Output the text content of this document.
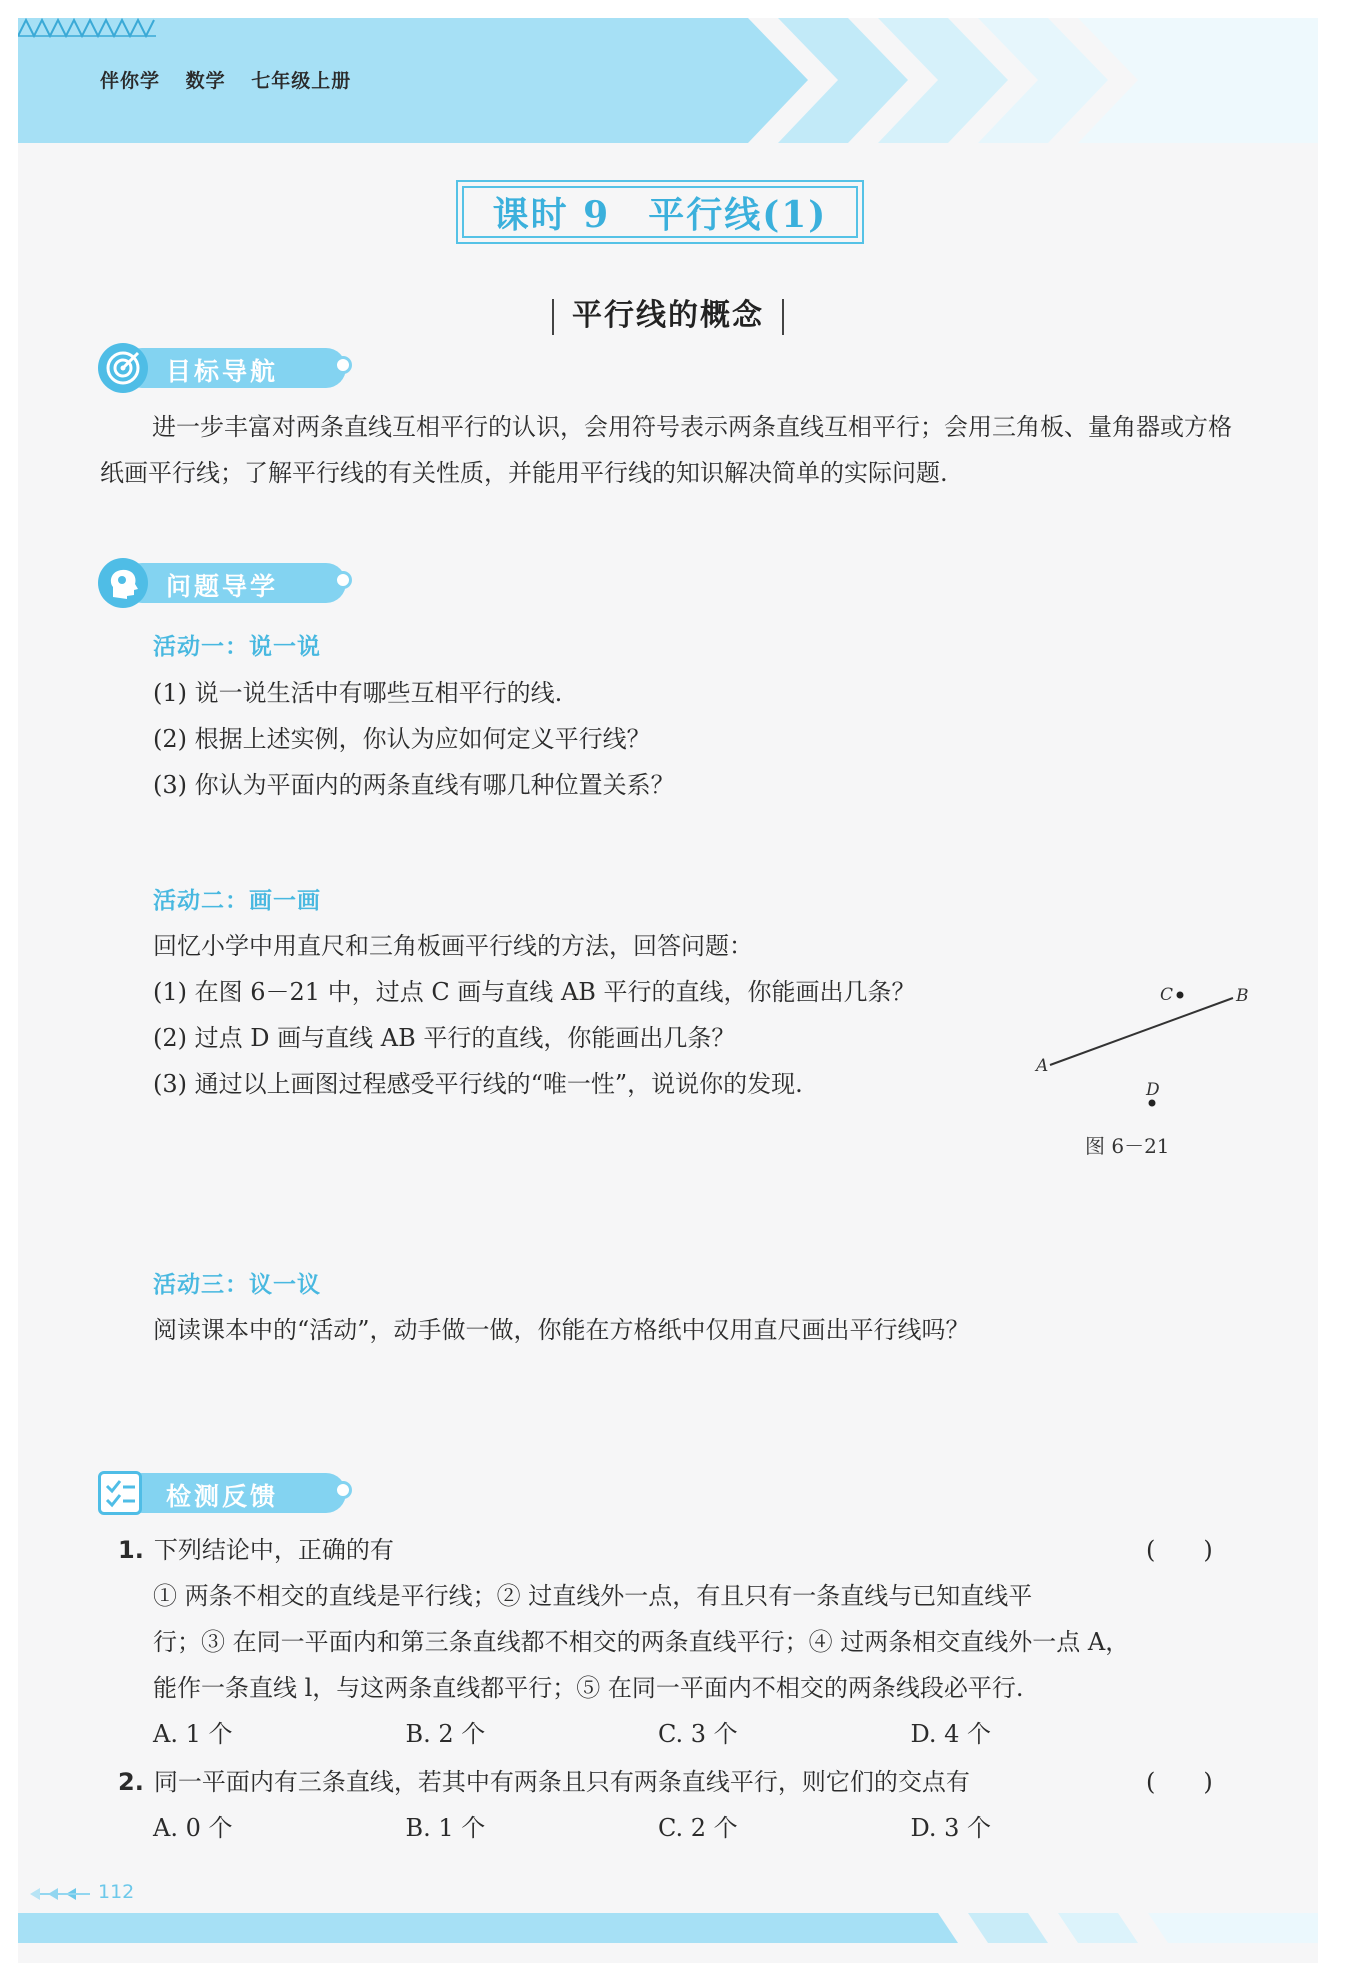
伴你学 数学 七年级上册
课时 9　平行线(1)
平行线的概念
目标导航
进一步丰富对两条直线互相平行的认识，会用符号表示两条直线互相平行；会用三角板、量角器或方格纸画平行线；了解平行线的有关性质，并能用平行线的知识解决简单的实际问题.
问题导学
活动一：说一说
(1) 说一说生活中有哪些互相平行的线.
(2) 根据上述实例，你认为应如何定义平行线？
(3) 你认为平面内的两条直线有哪几种位置关系？
活动二：画一画
回忆小学中用直尺和三角板画平行线的方法，回答问题：
(1) 在图 6－21 中，过点 C 画与直线 AB 平行的直线，你能画出几条？
(2) 过点 D 画与直线 AB 平行的直线，你能画出几条？
(3) 通过以上画图过程感受平行线的“唯一性”，说说你的发现.
A
B
C
D
图 6－21
活动三：议一议
阅读课本中的“活动”，动手做一做，你能在方格纸中仅用直尺画出平行线吗？
检测反馈
1. 下列结论中，正确的有	(　　)
① 两条不相交的直线是平行线；② 过直线外一点，有且只有一条直线与已知直线平
行；③ 在同一平面内和第三条直线都不相交的两条直线平行；④ 过两条相交直线外一点 A，
能作一条直线 l，与这两条直线都平行；⑤ 在同一平面内不相交的两条线段必平行.
A. 1 个	B. 2 个	C. 3 个	D. 4 个
2. 同一平面内有三条直线，若其中有两条且只有两条直线平行，则它们的交点有	(　　)
A. 0 个	B. 1 个	C. 2 个	D. 3 个
112
